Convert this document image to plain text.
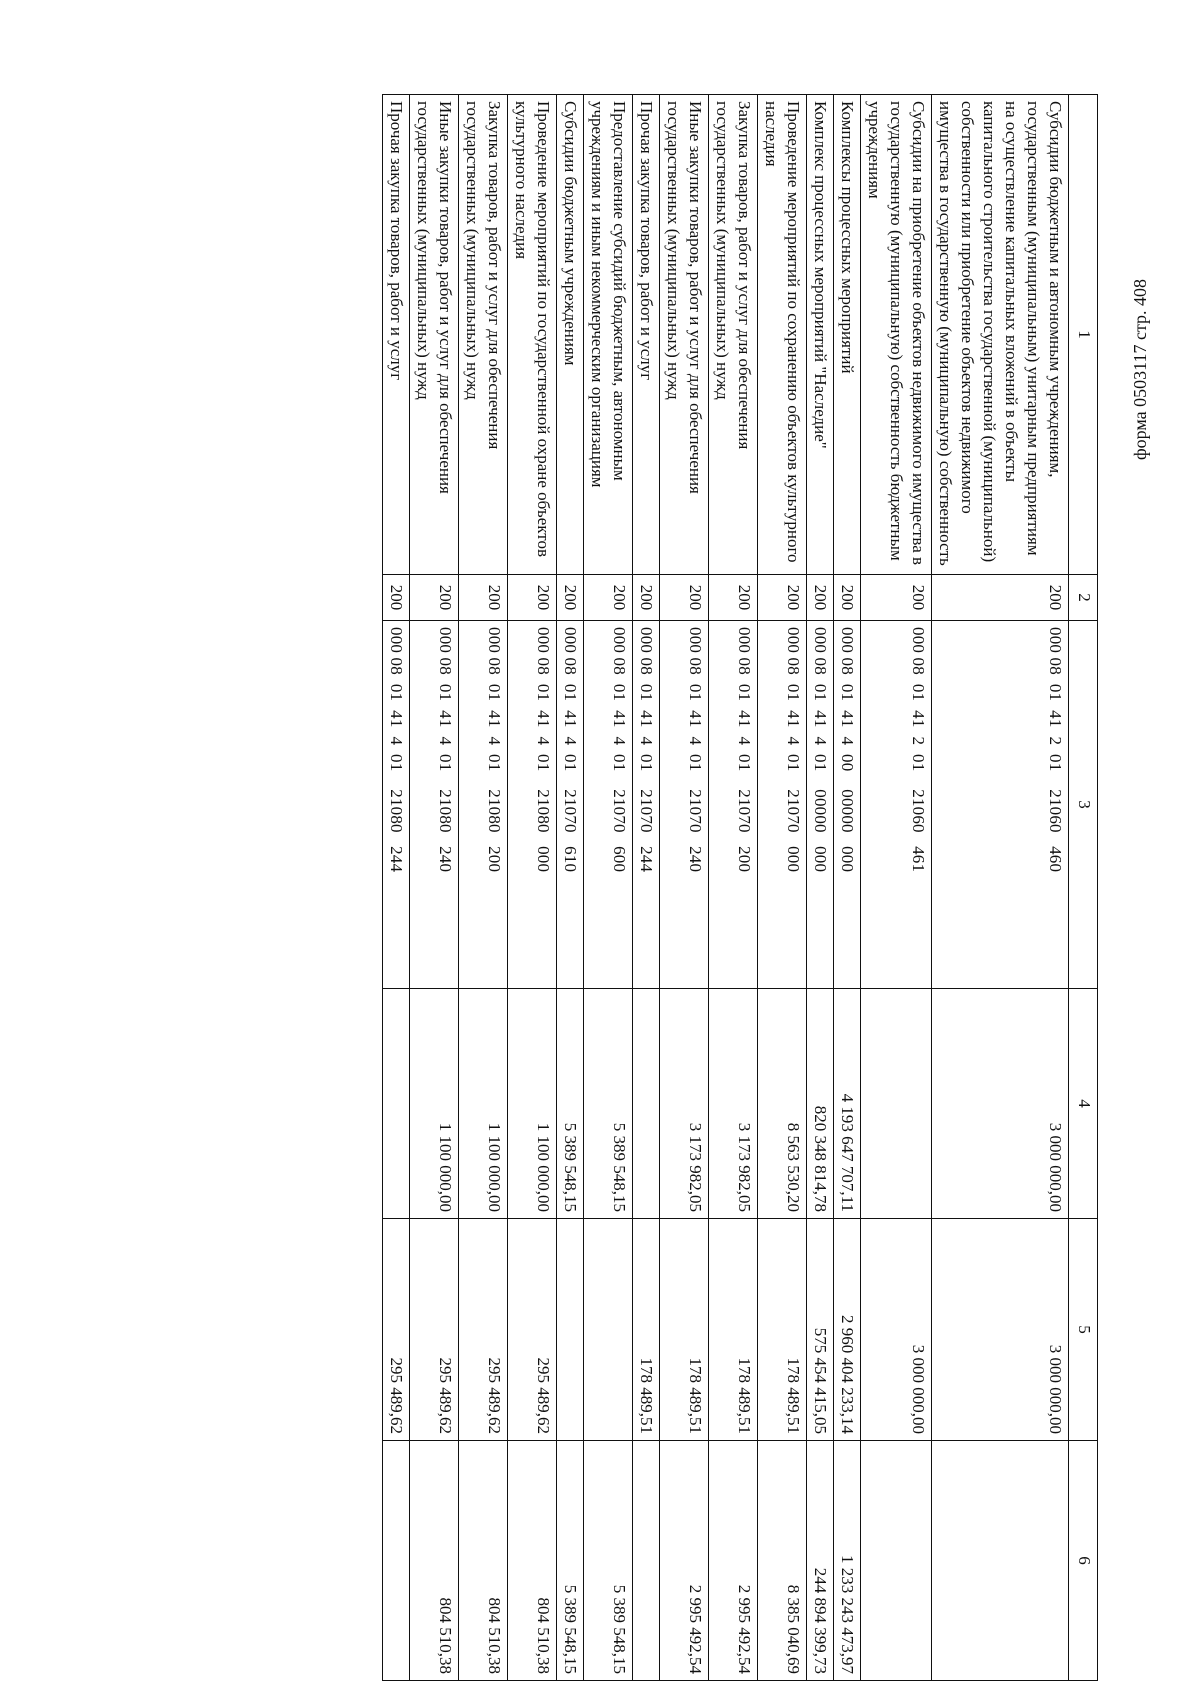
форма 0503117 стр. 408
1	2	3	4	5	6
Субсидии бюджетным и автономным учреждениям, государственным (муниципальным) унитарным предприятиям на осуществление капитальных вложений в объекты капитального строительства государственной (муниципальной) собственности или приобретение объектов недвижимого имущества в государственную (муниципальную) собственность	200	000 08  01  41  2  01    21060   460	3 000 000,00	3 000 000,00	
Субсидии на приобретение объектов недвижимого имущества в государственную (муниципальную) собственность бюджетным учреждениям	200	000 08  01  41  2  01    21060   461		3 000 000,00	
Комплексы процессных мероприятий	200	000 08  01  41  4  00    00000   000	4 193 647 707,11	2 960 404 233,14	1 233 243 473,97
Комплекс процессных мероприятий "Наследие"	200	000 08  01  41  4  01    00000   000	820 348 814,78	575 454 415,05	244 894 399,73
Проведение мероприятий по сохранению объектов культурного наследия	200	000 08  01  41  4  01    21070   000	8 563 530,20	178 489,51	8 385 040,69
Закупка товаров, работ и услуг для обеспечения государственных (муниципальных) нужд	200	000 08  01  41  4  01    21070   200	3 173 982,05	178 489,51	2 995 492,54
Иные закупки товаров, работ и услуг для обеспечения государственных (муниципальных) нужд	200	000 08  01  41  4  01    21070   240	3 173 982,05	178 489,51	2 995 492,54
Прочая закупка товаров, работ и услуг	200	000 08  01  41  4  01    21070   244		178 489,51	
Предоставление субсидий бюджетным, автономным учреждениям и иным некоммерческим организациям	200	000 08  01  41  4  01    21070   600	5 389 548,15		5 389 548,15
Субсидии бюджетным учреждениям	200	000 08  01  41  4  01    21070   610	5 389 548,15		5 389 548,15
Проведение мероприятий по государственной охране объектов культурного наследия	200	000 08  01  41  4  01    21080   000	1 100 000,00	295 489,62	804 510,38
Закупка товаров, работ и услуг для обеспечения государственных (муниципальных) нужд	200	000 08  01  41  4  01    21080   200	1 100 000,00	295 489,62	804 510,38
Иные закупки товаров, работ и услуг для обеспечения государственных (муниципальных) нужд	200	000 08  01  41  4  01    21080   240	1 100 000,00	295 489,62	804 510,38
Прочая закупка товаров, работ и услуг	200	000 08  01  41  4  01    21080   244		295 489,62	
